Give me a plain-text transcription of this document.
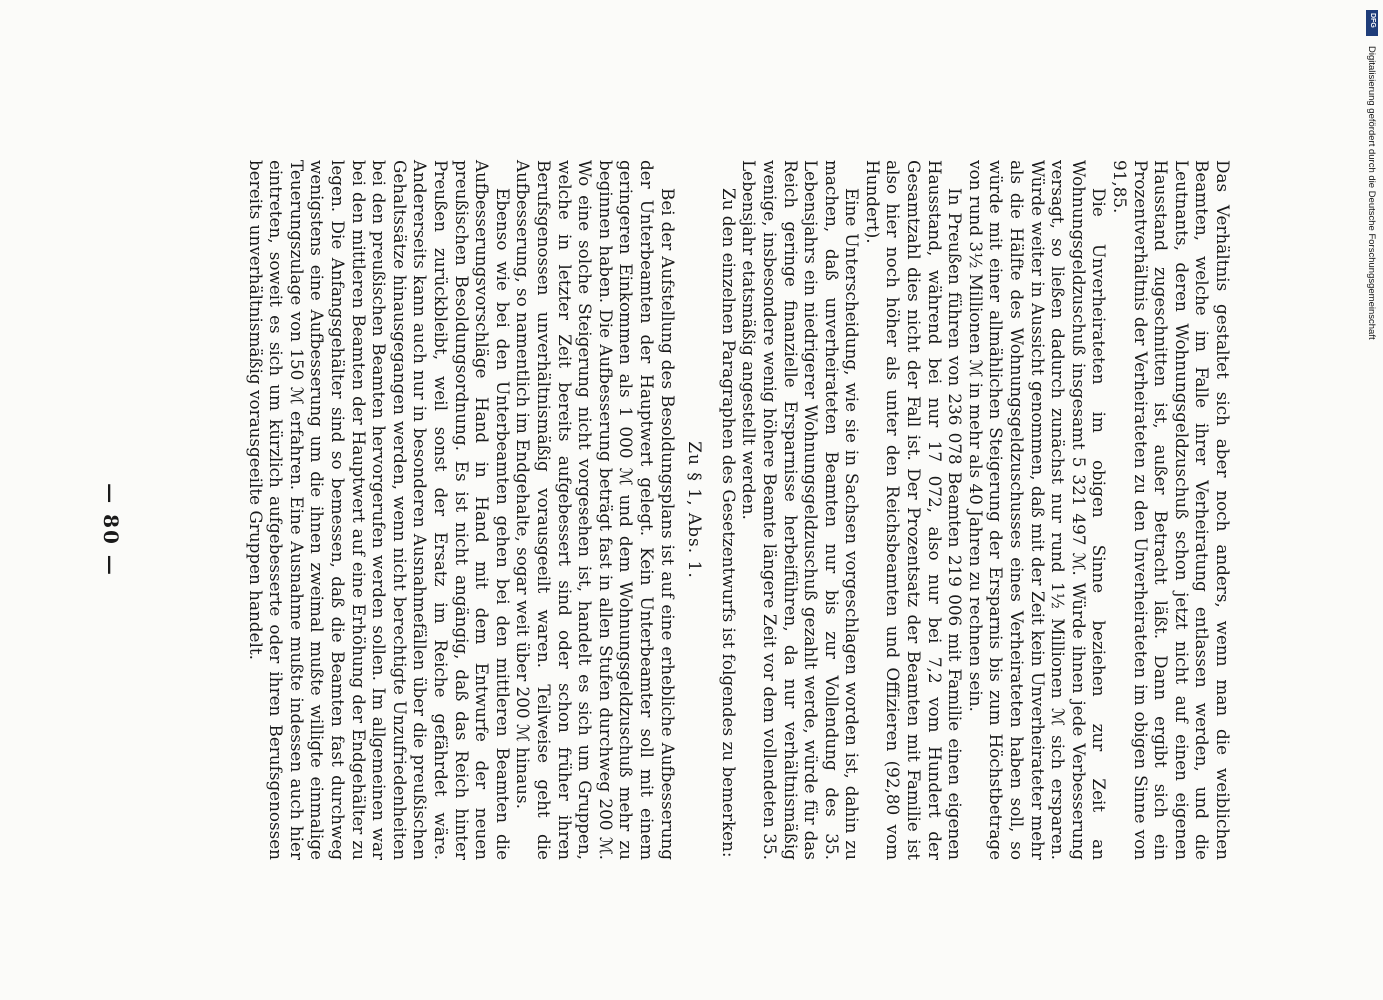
— 80 —	Das Verhältnis gestaltet sich aber noch anders, wenn man die weiblichen Beamten, welche im Falle ihrer Verheiratung entlassen werden, und die Leutnants, deren Wohnungsgeldzuschuß schon jetzt nicht auf einen eigenen Hausstand zugeschnitten ist, außer Betracht läßt. Dann ergibt sich ein Prozentverhältnis der Verheirateten zu den Unverheirateten im obigen Sinne von 91,85.

Die Unverheirateten im obigen Sinne beziehen zur Zeit an Wohnungsgeldzuschuß insgesamt 5 321 497 ℳ. Würde ihnen jede Verbesserung versagt, so ließen dadurch zunächst nur rund 1½ Millionen ℳ sich ersparen. Würde weiter in Aussicht genommen, daß mit der Zeit kein Unverheirateter mehr als die Hälfte des Wohnungsgeldzuschusses eines Verheirateten haben soll, so würde mit einer allmählichen Steigerung der Ersparnis bis zum Höchstbetrage von rund 3½ Millionen ℳ in mehr als 40 Jahren zu rechnen sein.

In Preußen führen von 236 078 Beamten 219 006 mit Familie einen eigenen Hausstand, während bei nur 17 072, also nur bei 7,2 vom Hundert der Gesamtzahl dies nicht der Fall ist. Der Prozentsatz der Beamten mit Familie ist also hier noch höher als unter den Reichsbeamten und Offizieren (92,80 vom Hundert).

Eine Unterscheidung, wie sie in Sachsen vorgeschlagen worden ist, dahin zu machen, daß unverheirateten Beamten nur bis zur Vollendung des 35. Lebensjahrs ein niedrigerer Wohnungsgeldzuschuß gezahlt werde, würde für das Reich geringe finanzielle Ersparnisse herbeiführen, da nur verhältnismäßig wenige, insbesondere wenig höhere Beamte längere Zeit vor dem vollendeten 35. Lebensjahr etatsmäßig angestellt werden.

Zu den einzelnen Paragraphen des Gesetzentwurfs ist folgendes zu bemerken:

Zu § 1, Abs. 1.

Bei der Aufstellung des Besoldungsplans ist auf eine erhebliche Aufbesserung der Unterbeamten der Hauptwert gelegt. Kein Unterbeamter soll mit einem geringeren Einkommen als 1 000 ℳ und dem Wohnungsgeldzuschuß mehr zu beginnen haben. Die Aufbesserung beträgt fast in allen Stufen durchweg 200 ℳ. Wo eine solche Steigerung nicht vorgesehen ist, handelt es sich um Gruppen, welche in letzter Zeit bereits aufgebessert sind oder schon früher ihren Berufsgenossen unverhältnismäßig vorausgeeilt waren. Teilweise geht die Aufbesserung, so namentlich im Endgehalte, sogar weit über 200 ℳ hinaus.

Ebenso wie bei den Unterbeamten gehen bei den mittleren Beamten die Aufbesserungsvorschläge Hand in Hand mit dem Entwurfe der neuen preußischen Besoldungsordnung. Es ist nicht angängig, daß das Reich hinter Preußen zurückbleibt, weil sonst der Ersatz im Reiche gefährdet wäre. Andererseits kann auch nur in besonderen Ausnahmefällen über die preußischen Gehaltssätze hinausgegangen werden, wenn nicht berechtigte Unzufriedenheiten bei den preußischen Beamten hervorgerufen werden sollen. Im allgemeinen war bei den mittleren Beamten der Hauptwert auf eine Erhöhung der Endgehälter zu legen. Die Anfangsgehälter sind so bemessen, daß die Beamten fast durchweg wenigstens eine Aufbesserung um die ihnen zweimal mußte willigte einmalige Teuerungszulage von 150 ℳ erfahren. Eine Ausnahme mußte indessen auch hier eintreten, soweit es sich um kürzlich aufgebesserte oder ihren Berufsgenossen bereits unverhältnismäßig vorausgeeilte Gruppen handelt.

DFG
Digitalisierung gefördert durch die Deutsche Forschungsgemeinschaft
